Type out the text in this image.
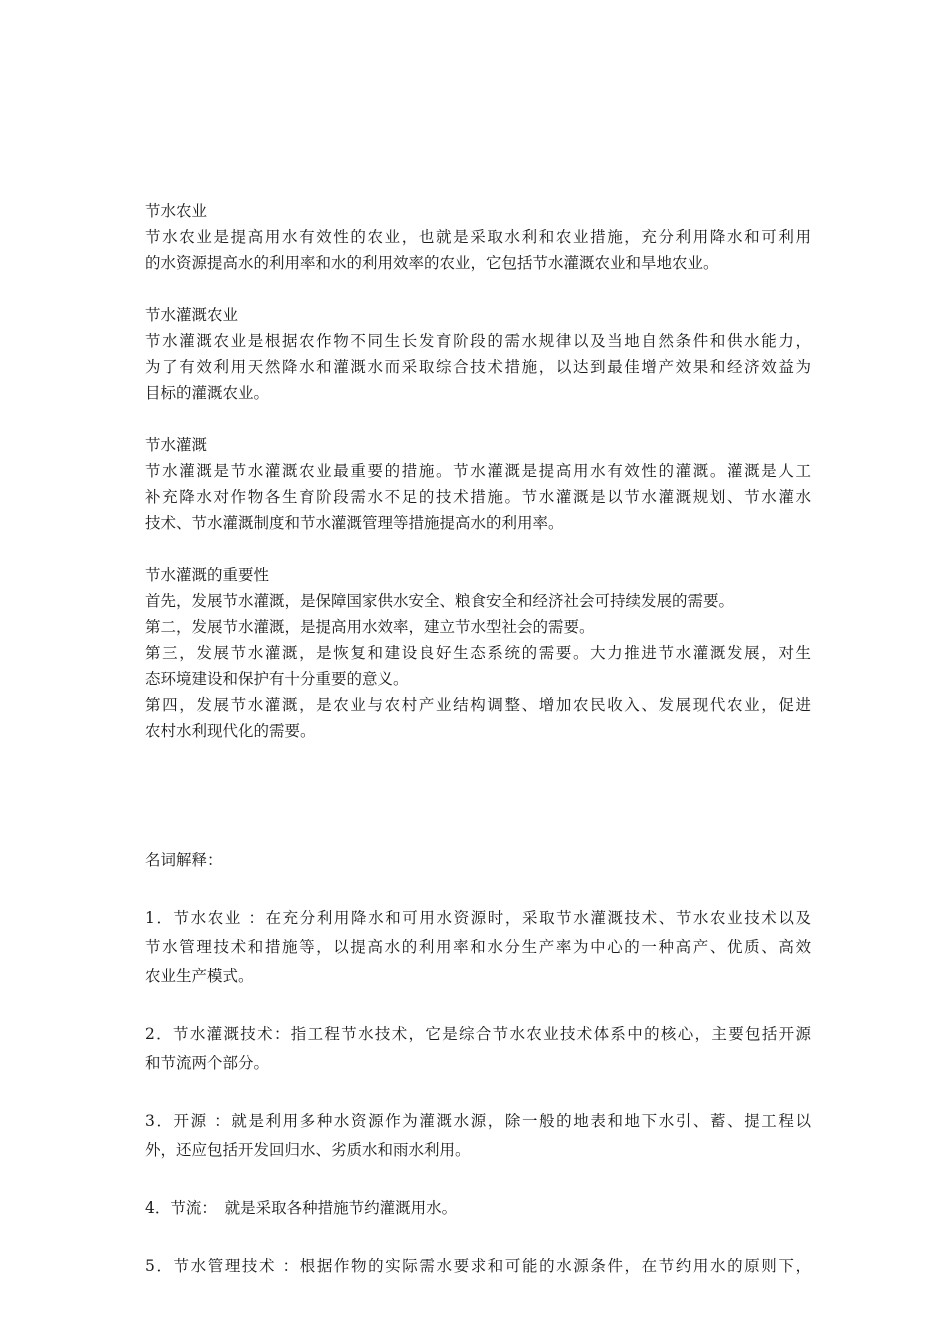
节水农业
节水农业是提高用水有效性的农业，也就是采取水利和农业措施，充分利用降水和可利用
的水资源提高水的利用率和水的利用效率的农业，它包括节水灌溉农业和旱地农业。
节水灌溉农业
节水灌溉农业是根据农作物不同生长发育阶段的需水规律以及当地自然条件和供水能力，
为了有效利用天然降水和灌溉水而采取综合技术措施，以达到最佳增产效果和经济效益为
目标的灌溉农业。
节水灌溉
节水灌溉是节水灌溉农业最重要的措施。节水灌溉是提高用水有效性的灌溉。灌溉是人工
补充降水对作物各生育阶段需水不足的技术措施。节水灌溉是以节水灌溉规划、节水灌水
技术、节水灌溉制度和节水灌溉管理等措施提高水的利用率。
节水灌溉的重要性
首先，发展节水灌溉，是保障国家供水安全、粮食安全和经济社会可持续发展的需要。
第二，发展节水灌溉，是提高用水效率，建立节水型社会的需要。
第三，发展节水灌溉，是恢复和建设良好生态系统的需要。大力推进节水灌溉发展，对生
态环境建设和保护有十分重要的意义。
第四，发展节水灌溉，是农业与农村产业结构调整、增加农民收入、发展现代农业，促进
农村水利现代化的需要。
名词解释：
1．节水农业 ：在充分利用降水和可用水资源时，采取节水灌溉技术、节水农业技术以及
节水管理技术和措施等，以提高水的利用率和水分生产率为中心的一种高产、优质、高效
农业生产模式。
2．节水灌溉技术：指工程节水技术，它是综合节水农业技术体系中的核心，主要包括开源
和节流两个部分。
3．开源 ：就是利用多种水资源作为灌溉水源，除一般的地表和地下水引、蓄、提工程以
外，还应包括开发回归水、劣质水和雨水利用。
4．节流：　就是采取各种措施节约灌溉用水。
5．节水管理技术 ：根据作物的实际需水要求和可能的水源条件，在节约用水的原则下，
